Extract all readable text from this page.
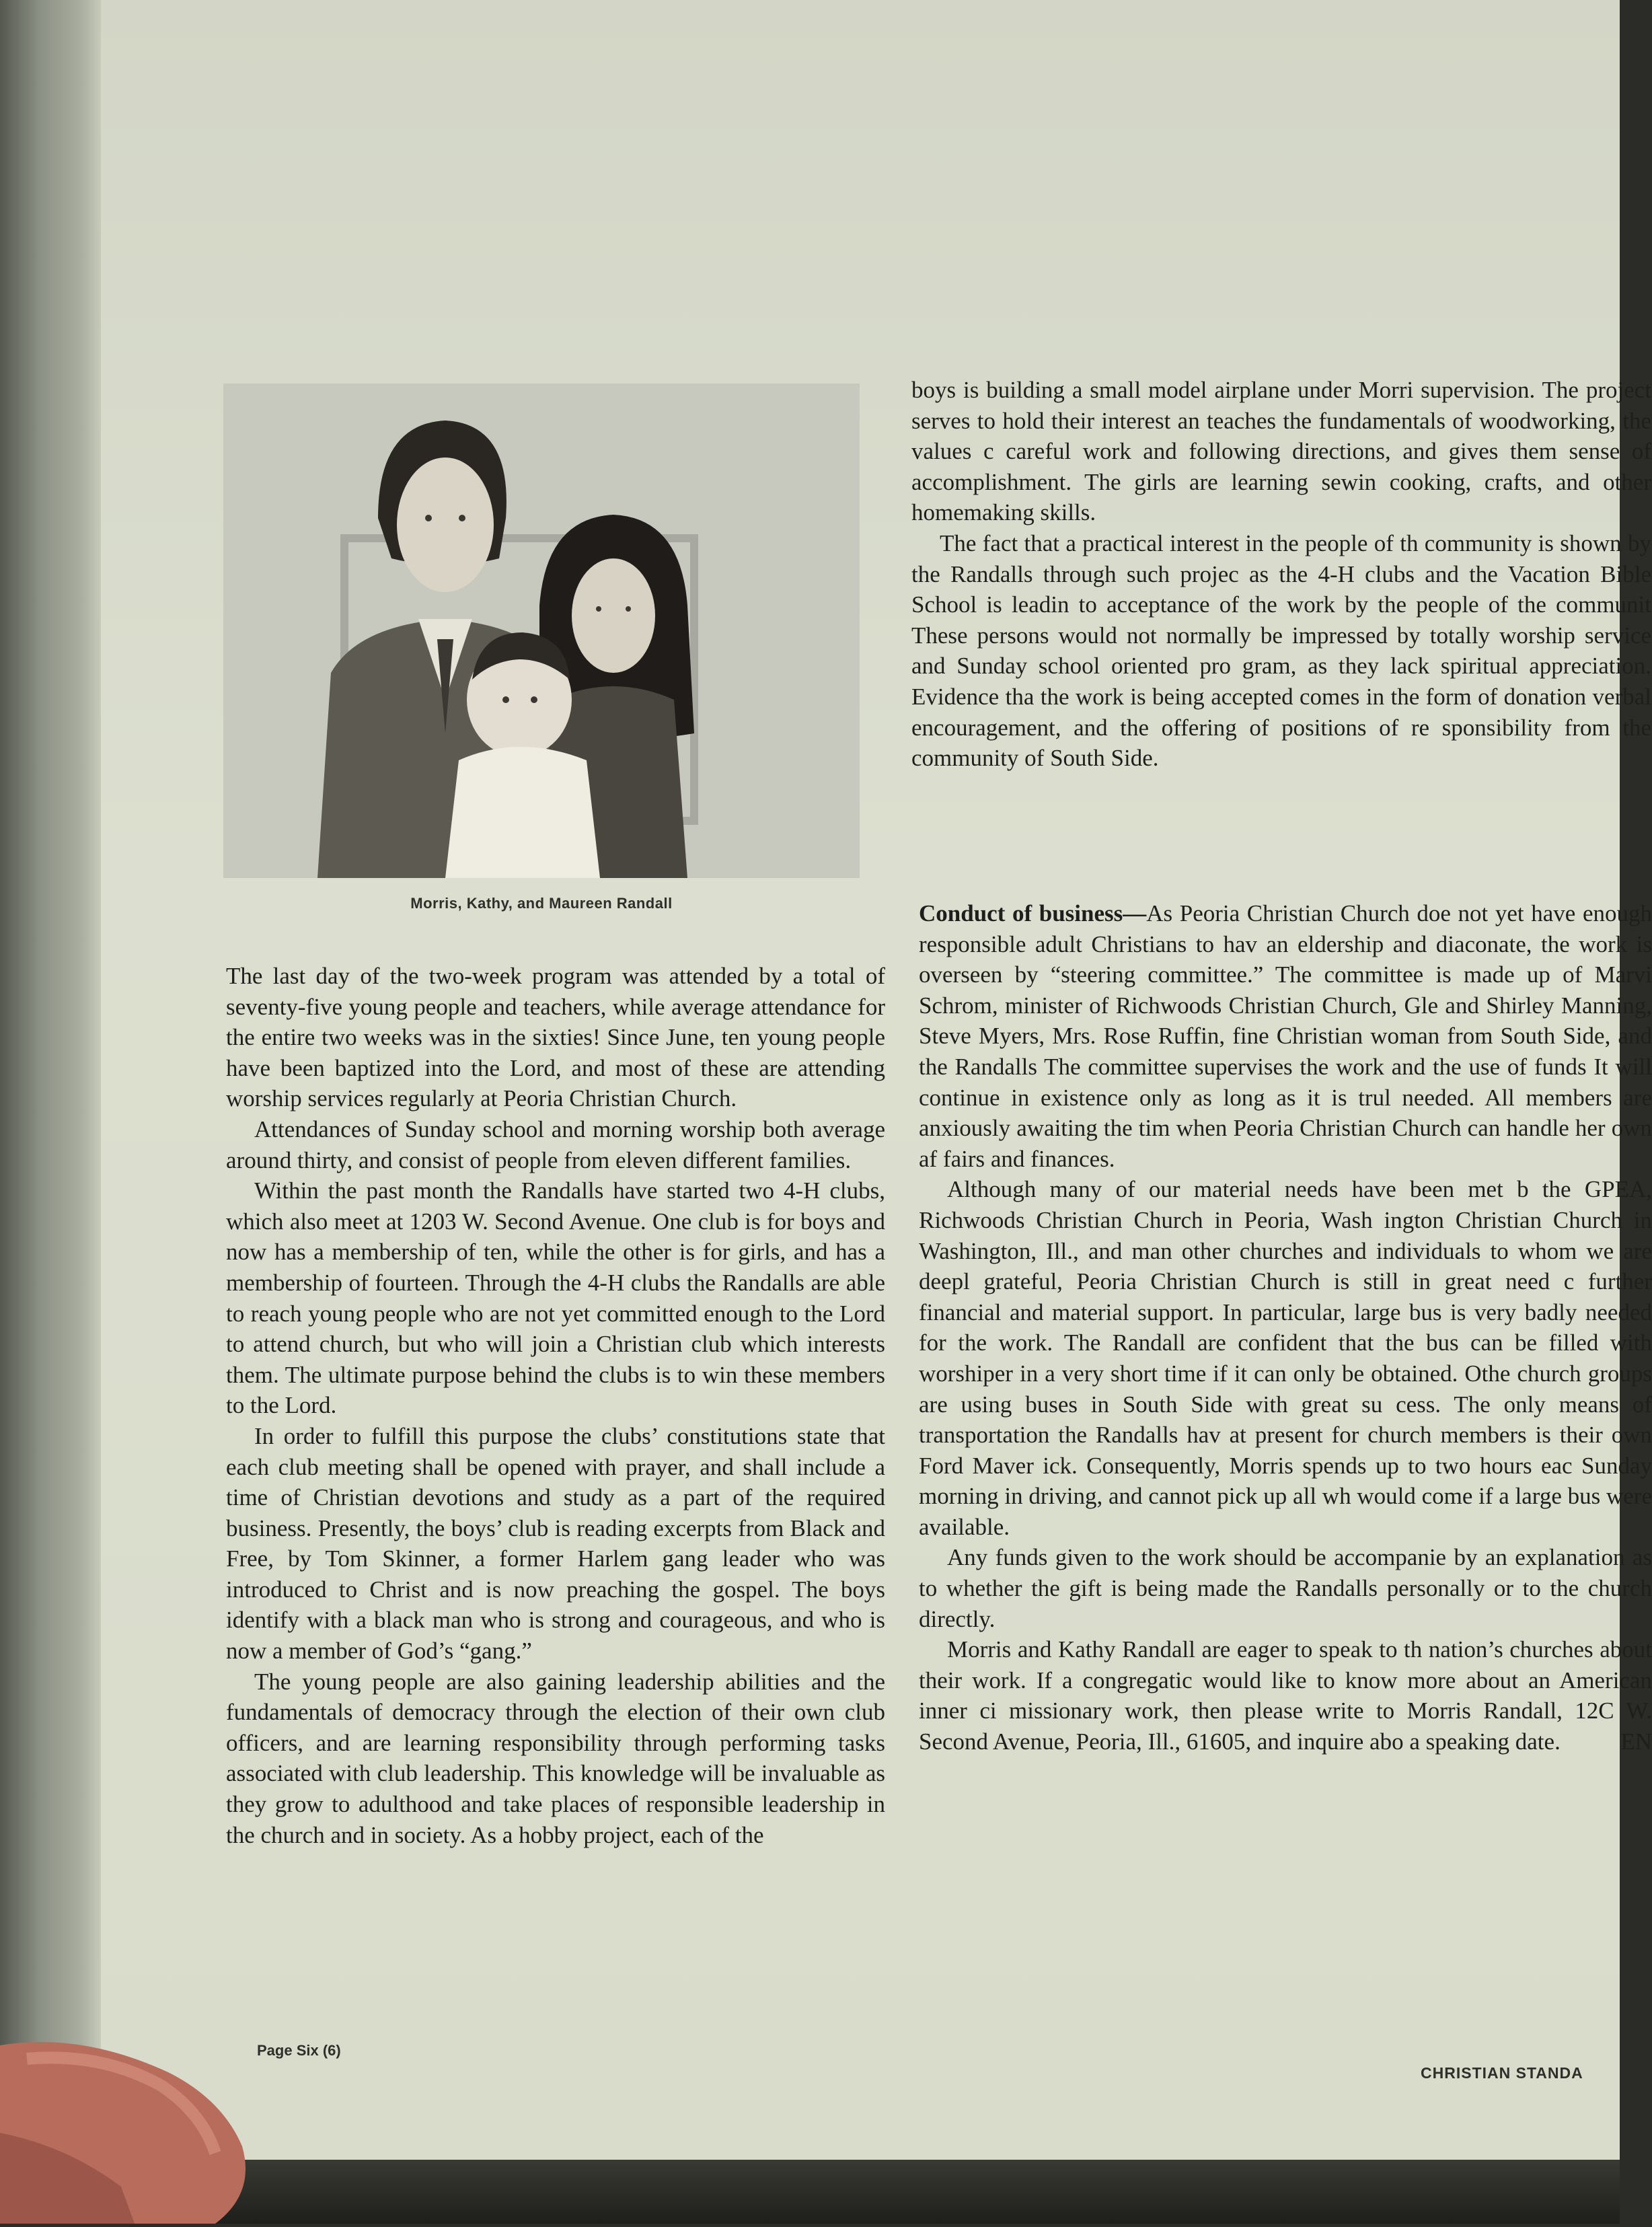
Morris, Kathy, and Maureen Randall

The last day of the two-week program was attended by a total of seventy-five young people and teachers, while average attendance for the entire two weeks was in the sixties! Since June, ten young people have been baptized into the Lord, and most of these are attending worship services regularly at Peoria Christian Church.

Attendances of Sunday school and morning worship both average around thirty, and consist of people from eleven different families.

Within the past month the Randalls have started two 4-H clubs, which also meet at 1203 W. Second Avenue. One club is for boys and now has a membership of ten, while the other is for girls, and has a membership of fourteen. Through the 4-H clubs the Randalls are able to reach young people who are not yet committed enough to the Lord to attend church, but who will join a Christian club which interests them. The ultimate purpose behind the clubs is to win these members to the Lord.

In order to fulfill this purpose the clubs’ constitutions state that each club meeting shall be opened with prayer, and shall include a time of Christian devotions and study as a part of the required business. Presently, the boys’ club is reading excerpts from Black and Free, by Tom Skinner, a former Harlem gang leader who was introduced to Christ and is now preaching the gospel. The boys identify with a black man who is strong and courageous, and who is now a member of God’s “gang.”

The young people are also gaining leadership abilities and the fundamentals of democracy through the election of their own club officers, and are learning responsibility through performing tasks associated with club leadership. This knowledge will be invaluable as they grow to adulthood and take places of responsible leadership in the church and in society. As a hobby project, each of the

boys is building a small model airplane under Morri supervision. The project serves to hold their interest an teaches the fundamentals of woodworking, the values c careful work and following directions, and gives them sense of accomplishment. The girls are learning sewin cooking, crafts, and other homemaking skills.

The fact that a practical interest in the people of th community is shown by the Randalls through such projec as the 4-H clubs and the Vacation Bible School is leadin to acceptance of the work by the people of the communit These persons would not normally be impressed by totally worship service and Sunday school oriented pro gram, as they lack spiritual appreciation. Evidence tha the work is being accepted comes in the form of donation verbal encouragement, and the offering of positions of re sponsibility from the community of South Side.

Conduct of business—As Peoria Christian Church doe not yet have enough responsible adult Christians to hav an eldership and diaconate, the work is overseen by “steering committee.” The committee is made up of Marvi Schrom, minister of Richwoods Christian Church, Gle and Shirley Manning, Steve Myers, Mrs. Rose Ruffin, fine Christian woman from South Side, and the Randalls The committee supervises the work and the use of funds It will continue in existence only as long as it is trul needed. All members are anxiously awaiting the tim when Peoria Christian Church can handle her own af fairs and finances.

Although many of our material needs have been met b the GPEA, Richwoods Christian Church in Peoria, Wash ington Christian Church in Washington, Ill., and man other churches and individuals to whom we are deepl grateful, Peoria Christian Church is still in great need c further financial and material support. In particular, large bus is very badly needed for the work. The Randall are confident that the bus can be filled with worshiper in a very short time if it can only be obtained. Othe church groups are using buses in South Side with great su cess. The only means of transportation the Randalls hav at present for church members is their own Ford Maver ick. Consequently, Morris spends up to two hours eac Sunday morning in driving, and cannot pick up all wh would come if a large bus were available.

Any funds given to the work should be accompanie by an explanation as to whether the gift is being made the Randalls personally or to the church directly.

Morris and Kathy Randall are eager to speak to th nation’s churches about their work. If a congregatic would like to know more about an American inner ci missionary work, then please write to Morris Randall, 12C W. Second Avenue, Peoria, Ill., 61605, and inquire abo a speaking date.	EN

Page Six (6)
CHRISTIAN STANDA
